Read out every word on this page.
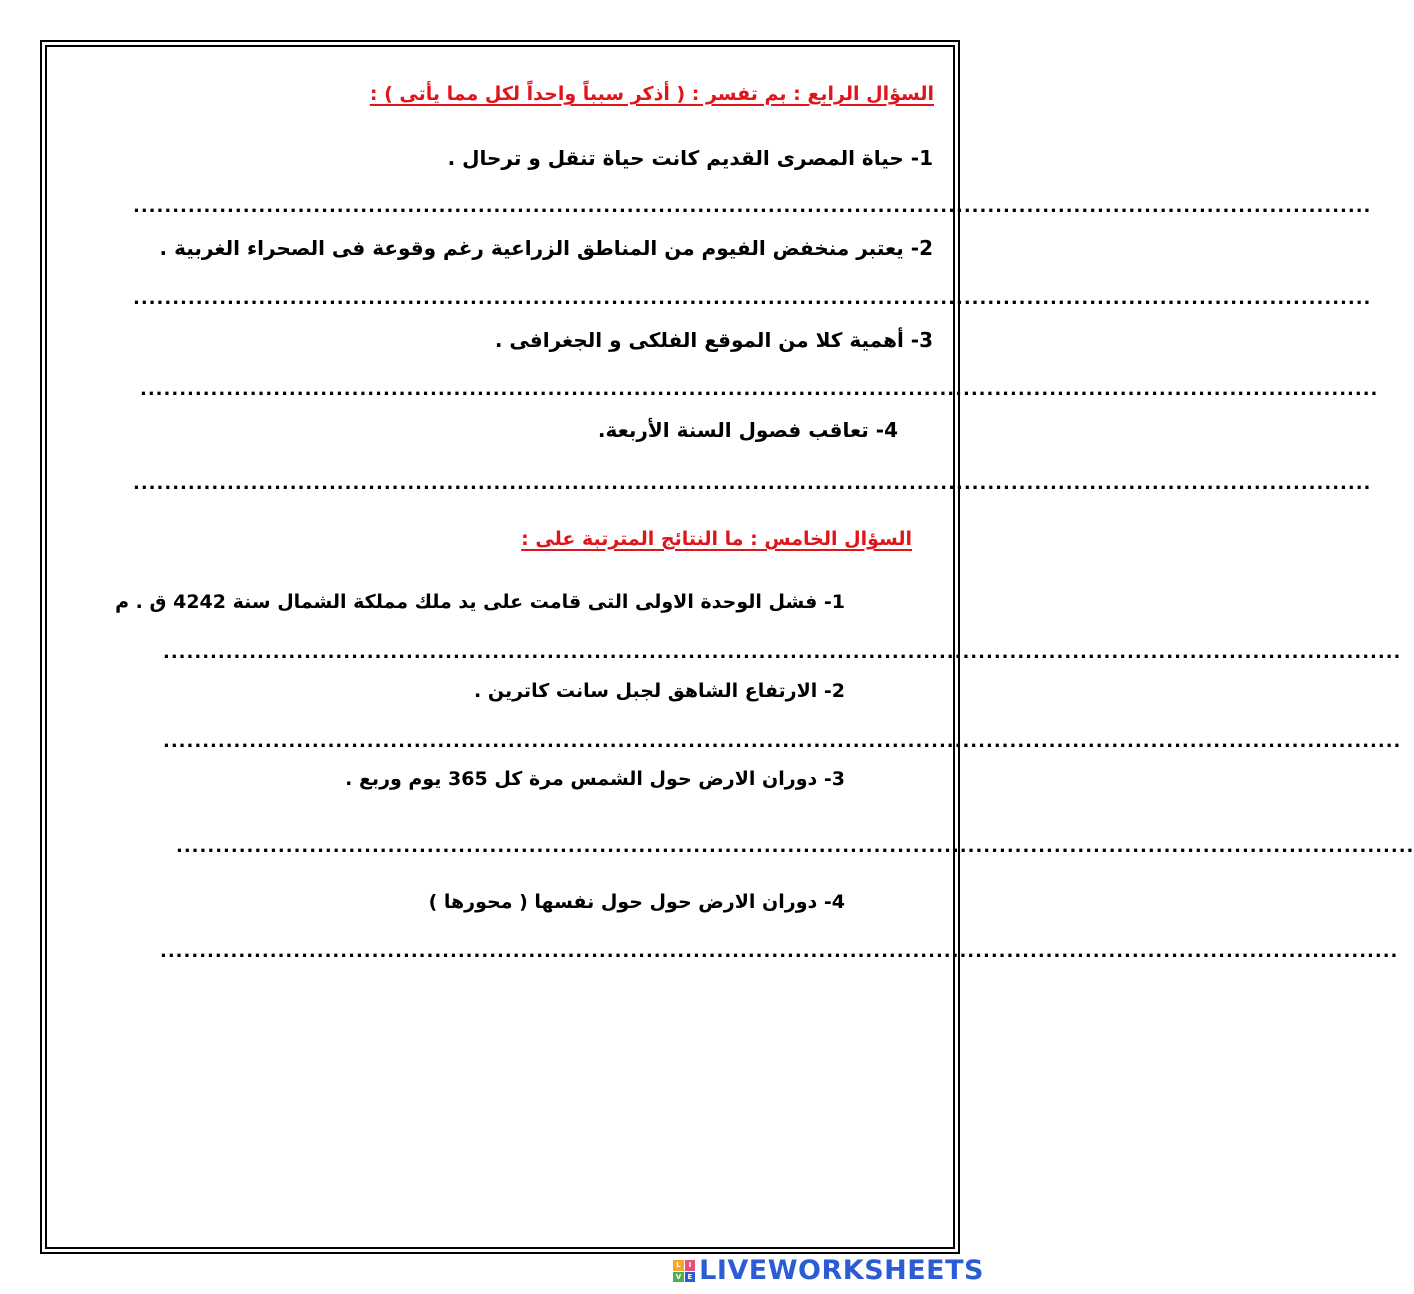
السؤال الرابع : بم تفسر : ( أذكر سبباً واحداً لكل مما يأتى ) :
1- حياة المصرى القديم كانت حياة تنقل و ترحال .
..............................................................................................................................................................
2- يعتبر منخفض الفيوم من المناطق الزراعية رغم وقوعة فى الصحراء الغربية .
..............................................................................................................................................................
3- أهمية كلا من الموقع الفلكى و الجغرافى .
..............................................................................................................................................................
4- تعاقب فصول السنة الأربعة.
..............................................................................................................................................................
السؤال الخامس : ما النتائج المترتبة على :
1- فشل الوحدة الاولى التى قامت على يد ملك مملكة الشمال سنة 4242 ق . م
..............................................................................................................................................................
2- الارتفاع الشاهق لجبل سانت كاترين .
..............................................................................................................................................................
3- دوران الارض حول الشمس مرة كل 365 يوم وربع .
..............................................................................................................................................................
4- دوران الارض حول حول نفسها ( محورها )
..............................................................................................................................................................
L	I
V E LIVEWORKSHEETS
